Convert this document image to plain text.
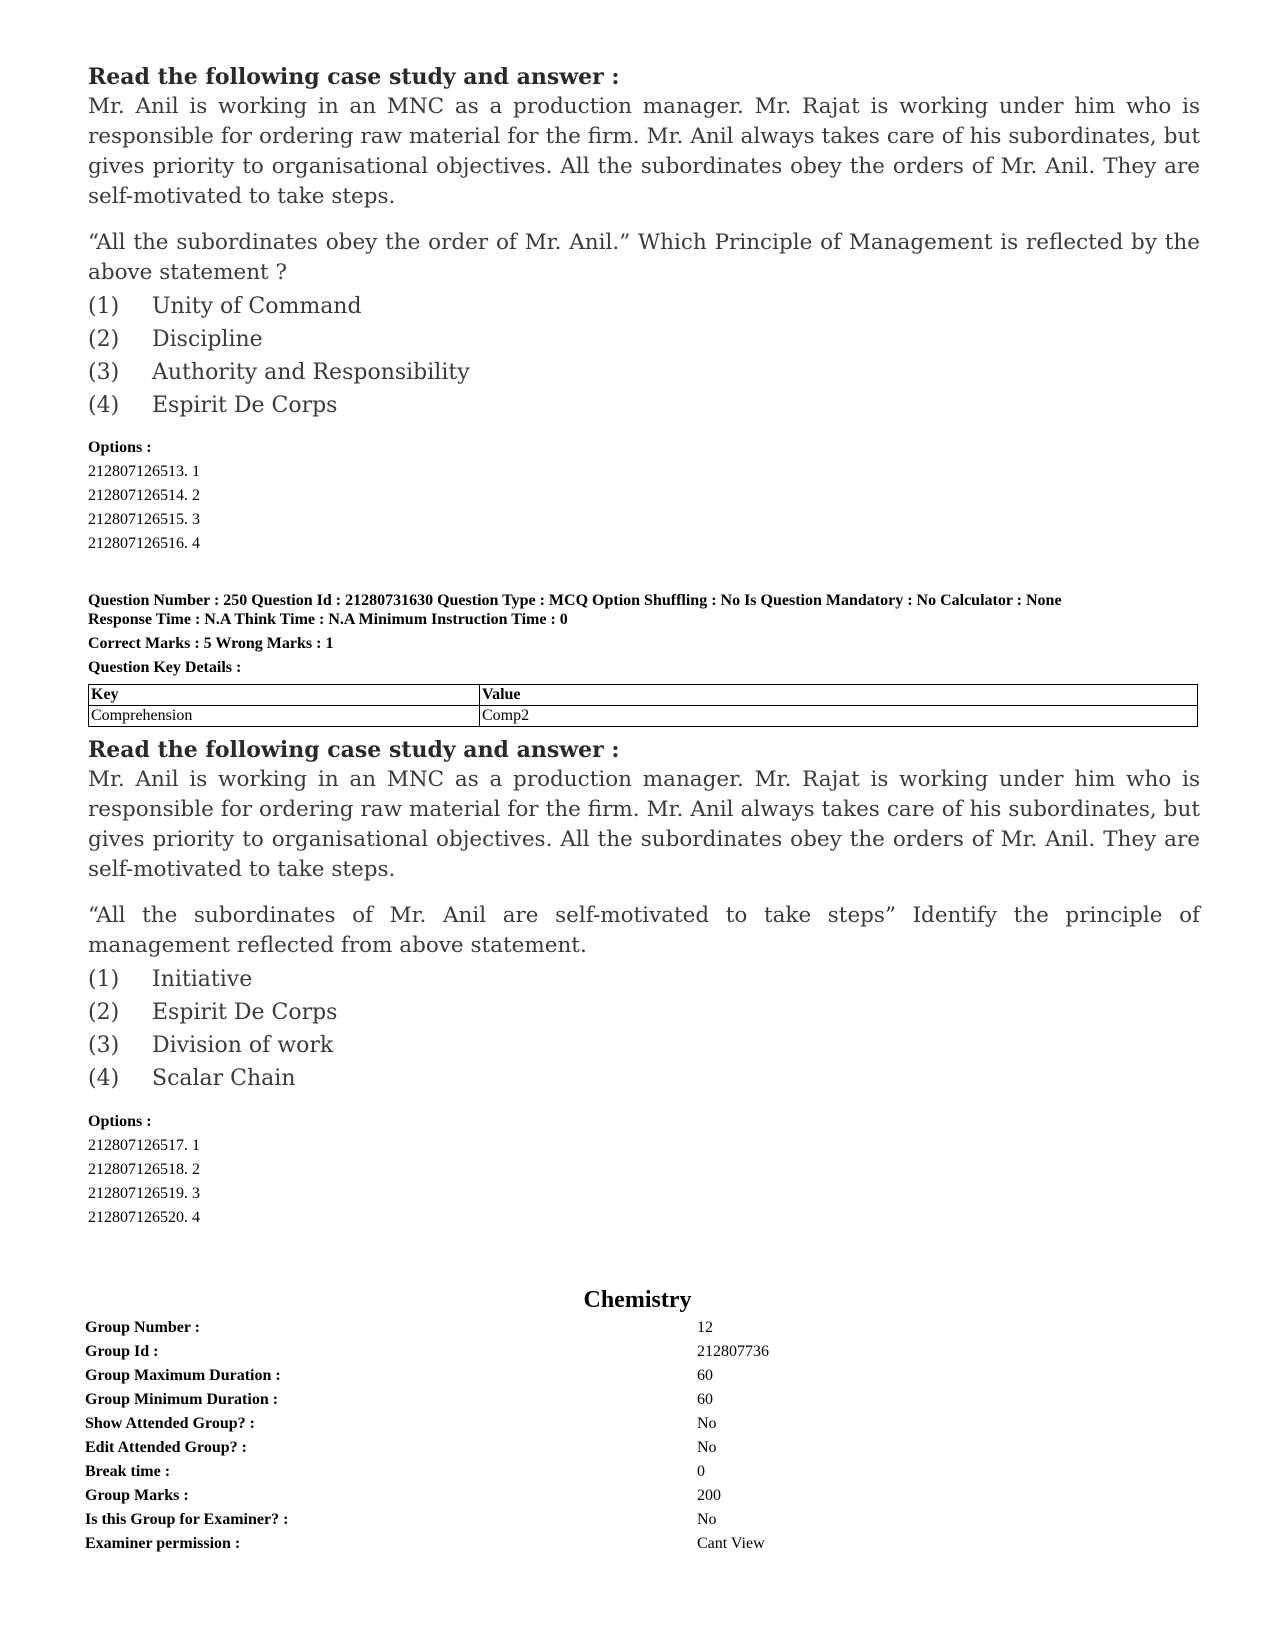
Read the following case study and answer :

Mr. Anil is working in an MNC as a production manager. Mr. Rajat is working under him who is responsible for ordering raw material for the firm. Mr. Anil always takes care of his subordinates, but gives priority to organisational objectives. All the subordinates obey the orders of Mr. Anil. They are self-motivated to take steps.

“All the subordinates obey the order of Mr. Anil.” Which Principle of Management is reflected by the above statement ?

(1)	Unity of Command
(2)	Discipline
(3)	Authority and Responsibility
(4)	Espirit De Corps
Options :
212807126513. 1
212807126514. 2
212807126515. 3
212807126516. 4
Question Number : 250 Question Id : 21280731630 Question Type : MCQ Option Shuffling : No Is Question Mandatory : No Calculator : None
Response Time : N.A Think Time : N.A Minimum Instruction Time : 0
Correct Marks : 5 Wrong Marks : 1
Question Key Details :
Key	Value
Comprehension	Comp2

Read the following case study and answer :

Mr. Anil is working in an MNC as a production manager. Mr. Rajat is working under him who is responsible for ordering raw material for the firm. Mr. Anil always takes care of his subordinates, but gives priority to organisational objectives. All the subordinates obey the orders of Mr. Anil. They are self-motivated to take steps.

“All the subordinates of Mr. Anil are self-motivated to take steps” Identify the principle of management reflected from above statement.

(1)	Initiative
(2)	Espirit De Corps
(3)	Division of work
(4)	Scalar Chain
Options :
212807126517. 1
212807126518. 2
212807126519. 3
212807126520. 4
Chemistry
Group Number :	12
Group Id :	212807736
Group Maximum Duration :	60
Group Minimum Duration :	60
Show Attended Group? :	No
Edit Attended Group? :	No
Break time :	0
Group Marks :	200
Is this Group for Examiner? :	No
Examiner permission :	Cant View
